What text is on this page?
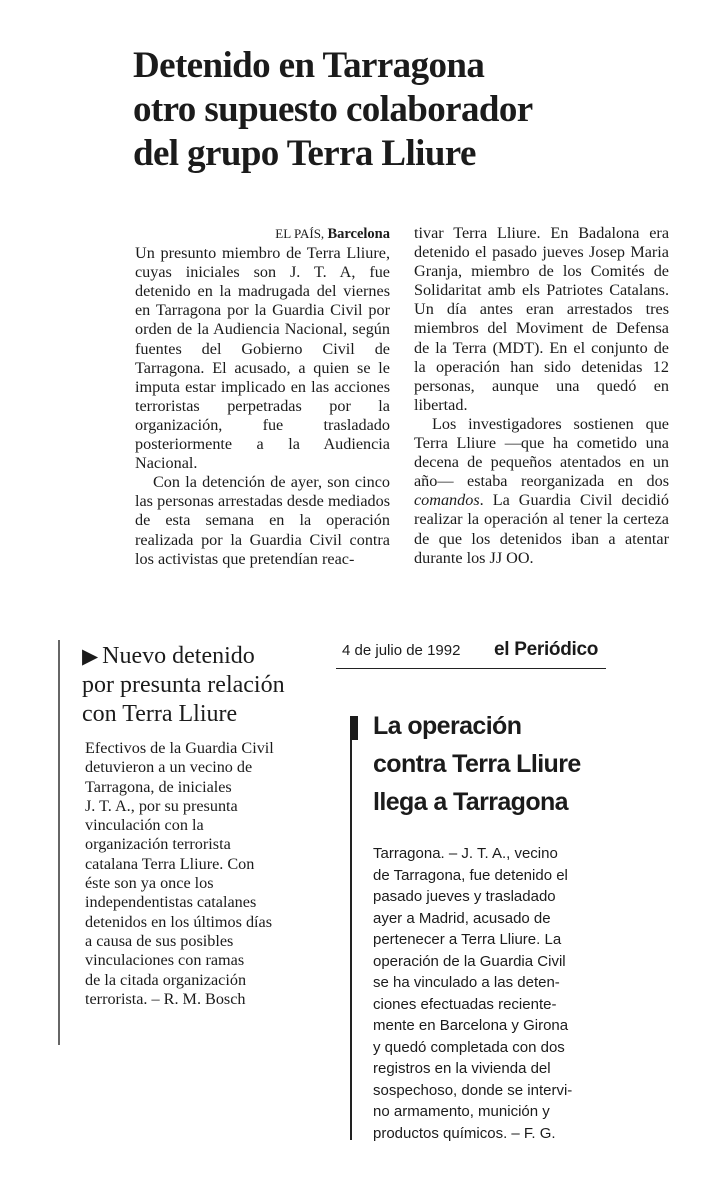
Detenido en Tarragona
otro supuesto colaborador
del grupo Terra Lliure

EL PAÍS, Barcelona

Un presunto miembro de Terra Lliure, cuyas iniciales son J. T. A, fue detenido en la madrugada del viernes en Tarragona por la Guardia Civil por orden de la Audiencia Nacional, según fuentes del Gobierno Civil de Tarragona. El acusado, a quien se le imputa estar implicado en las acciones terroristas perpetradas por la organización, fue trasladado posteriormente a la Audiencia Nacional.

Con la detención de ayer, son cinco las personas arrestadas desde mediados de esta semana en la operación realizada por la Guardia Civil contra los activistas que pretendían reac-

tivar Terra Lliure. En Badalona era detenido el pasado jueves Josep Maria Granja, miembro de los Comités de Solidaritat amb els Patriotes Catalans. Un día antes eran arrestados tres miembros del Moviment de Defensa de la Terra (MDT). En el conjunto de la operación han sido detenidas 12 personas, aunque una quedó en libertad.

Los investigadores sostienen que Terra Lliure —que ha cometido una decena de pequeños atentados en un año— estaba reorganizada en dos comandos. La Guardia Civil decidió realizar la operación al tener la certeza de que los detenidos iban a atentar durante los JJ OO.

4 de julio de 1992 el Periódico
▶ Nuevo detenido
por presunta relación
con Terra Lliure
Efectivos de la Guardia Civil
detuvieron a un vecino de
Tarragona, de iniciales
J. T. A., por su presunta
vinculación con la
organización terrorista
catalana Terra Lliure. Con
éste son ya once los
independentistas catalanes
detenidos en los últimos días
a causa de sus posibles
vinculaciones con ramas
de la citada organización
terrorista. – R. M. Bosch
La operación
contra Terra Lliure
llega a Tarragona
Tarragona. – J. T. A., vecino
de Tarragona, fue detenido el
pasado jueves y trasladado
ayer a Madrid, acusado de
pertenecer a Terra Lliure. La
operación de la Guardia Civil
se ha vinculado a las deten-
ciones efectuadas reciente-
mente en Barcelona y Girona
y quedó completada con dos
registros en la vivienda del
sospechoso, donde se intervi-
no armamento, munición y
productos químicos. – F. G.
